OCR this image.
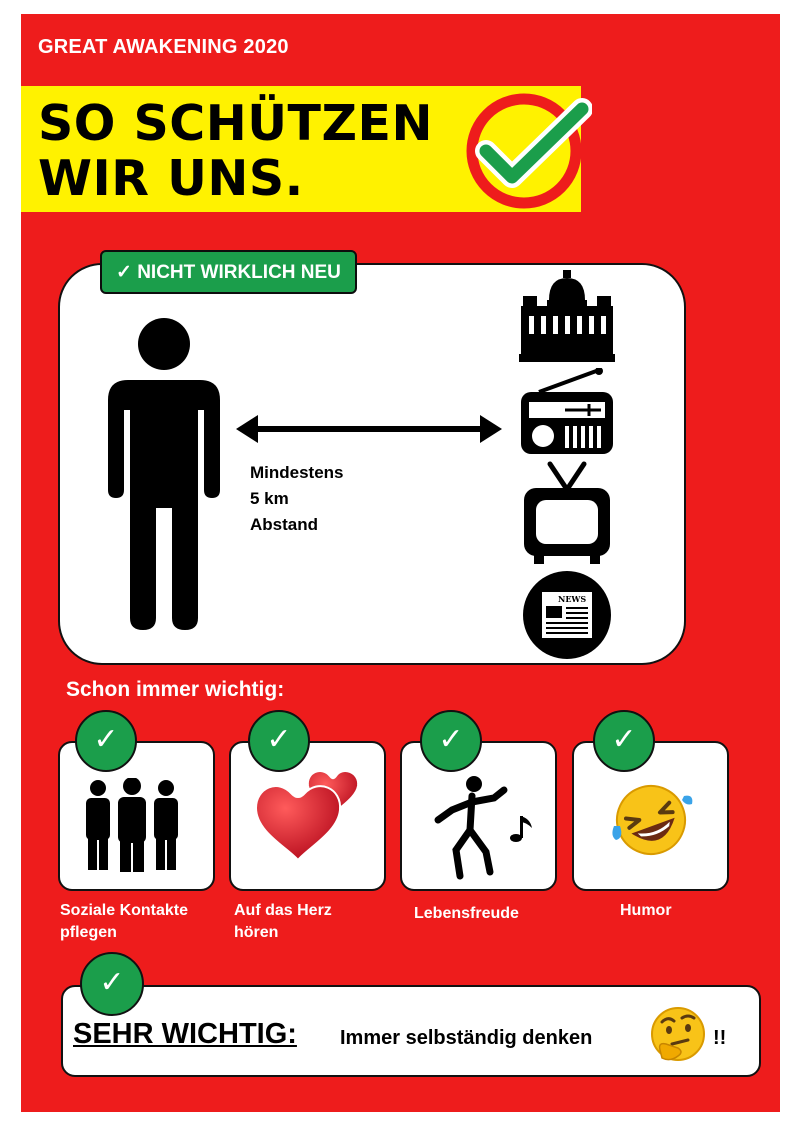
GREAT AWAKENING 2020
SO SCHÜTZEN
WIR UNS.
✓ NICHT WIRKLICH NEU
Mindestens
5 km
Abstand
NEWS
Schon immer wichtig:
✓
Soziale Kontakte
pflegen
✓
Auf das Herz
hören
✓
Lebensfreude
✓
Humor
✓
SEHR WICHTIG: Immer selbständig denken	!!
